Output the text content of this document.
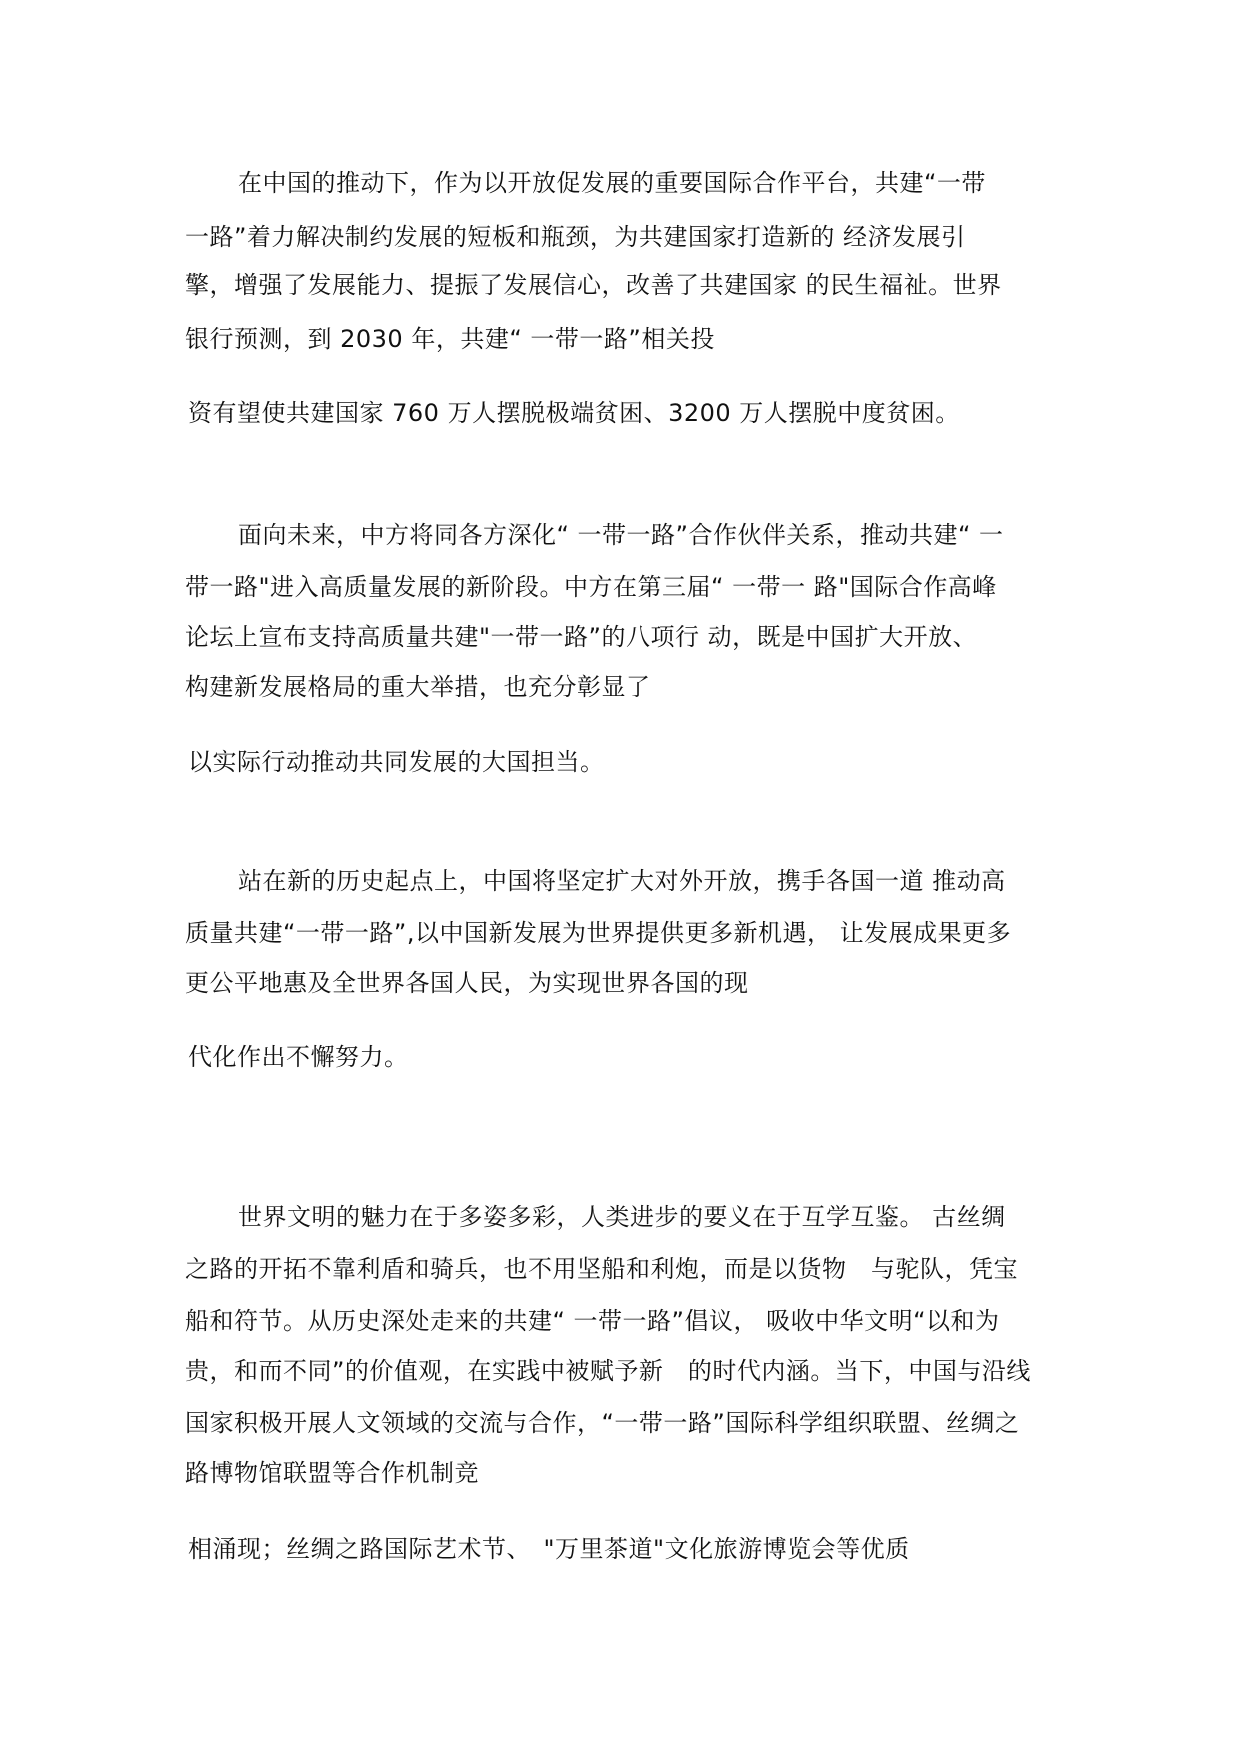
在中国的推动下，作为以开放促发展的重要国际合作平台，共建“一带
一路”着力解决制约发展的短板和瓶颈，为共建国家打造新的 经济发展引
擎，增强了发展能力、提振了发展信心，改善了共建国家 的民生福祉。世界
银行预测，到 2030 年，共建“ 一带一路”相关投
资有望使共建国家 760 万人摆脱极端贫困、3200 万人摆脱中度贫困。
面向未来，中方将同各方深化“ 一带一路”合作伙伴关系，推动共建“ 一
带一路"进入高质量发展的新阶段。中方在第三届“ 一带一 路"国际合作高峰
论坛上宣布支持高质量共建"一带一路”的八项行 动，既是中国扩大开放、
构建新发展格局的重大举措，也充分彰显了
以实际行动推动共同发展的大国担当。
站在新的历史起点上，中国将坚定扩大对外开放，携手各国一道 推动高
质量共建“一带一路”,以中国新发展为世界提供更多新机遇， 让发展成果更多
更公平地惠及全世界各国人民，为实现世界各国的现
代化作出不懈努力。
世界文明的魅力在于多姿多彩，人类进步的要义在于互学互鉴。 古丝绸
之路的开拓不靠利盾和骑兵，也不用坚船和利炮，而是以货物　与驼队，凭宝
船和符节。从历史深处走来的共建“ 一带一路”倡议， 吸收中华文明“以和为
贵，和而不同”的价值观，在实践中被赋予新　的时代内涵。当下，中国与沿线
国家积极开展人文领域的交流与合作，“一带一路”国际科学组织联盟、丝绸之
路博物馆联盟等合作机制竞
相涌现；丝绸之路国际艺术节、　"万里茶道"文化旅游博览会等优质
